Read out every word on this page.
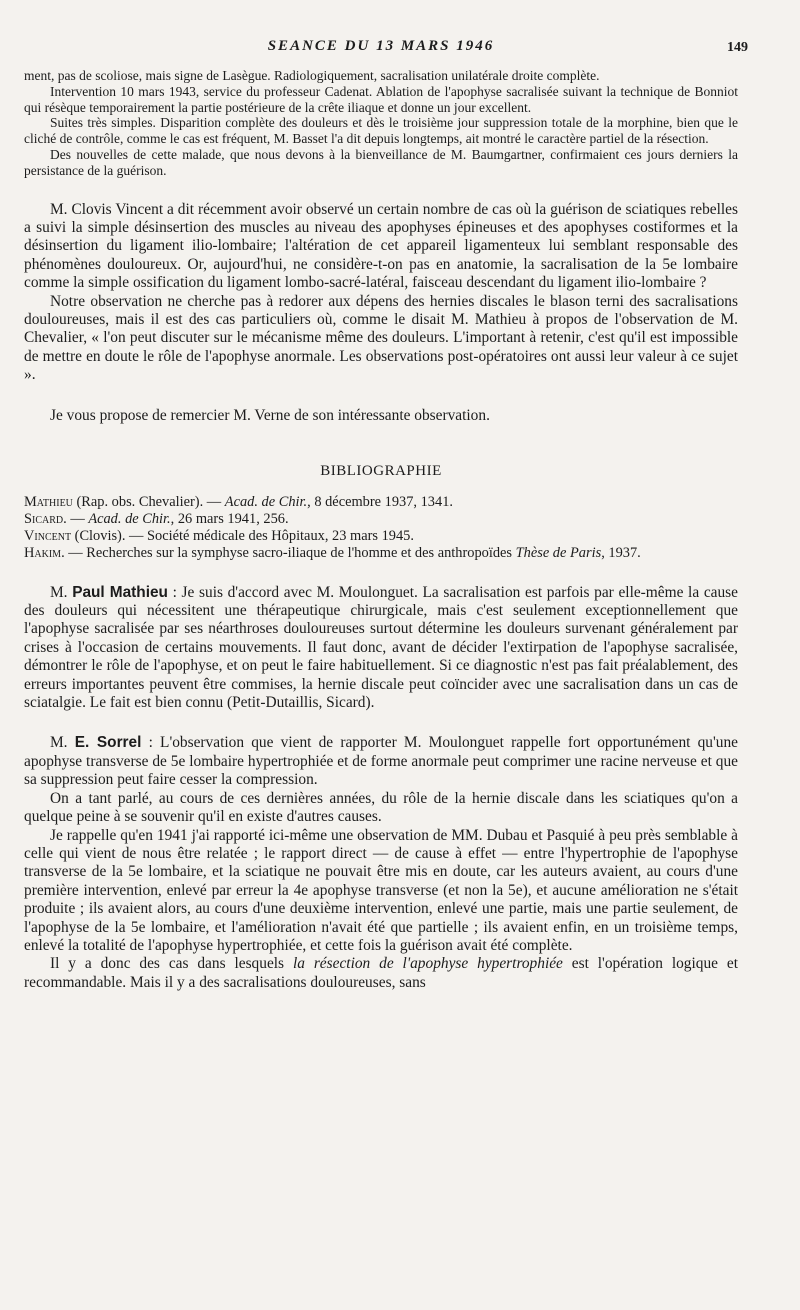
SEANCE DU 13 MARS 1946	149

ment, pas de scoliose, mais signe de Lasègue. Radiologiquement, sacralisation unilatérale droite complète.

Intervention 10 mars 1943, service du professeur Cadenat. Ablation de l'apophyse sacralisée suivant la technique de Bonniot qui résèque temporairement la partie postérieure de la crête iliaque et donne un jour excellent.

Suites très simples. Disparition complète des douleurs et dès le troisième jour suppression totale de la morphine, bien que le cliché de contrôle, comme le cas est fréquent, M. Basset l'a dit depuis longtemps, ait montré le caractère partiel de la résection.

Des nouvelles de cette malade, que nous devons à la bienveillance de M. Baumgartner, confirmaient ces jours derniers la persistance de la guérison.

M. Clovis Vincent a dit récemment avoir observé un certain nombre de cas où la guérison de sciatiques rebelles a suivi la simple désinsertion des muscles au niveau des apophyses épineuses et des apophyses costiformes et la désinsertion du ligament ilio-lombaire; l'altération de cet appareil ligamenteux lui semblant responsable des phénomènes douloureux. Or, aujourd'hui, ne considère-t-on pas en anatomie, la sacralisation de la 5e lombaire comme la simple ossification du ligament lombo-sacré-latéral, faisceau descendant du ligament ilio-lombaire ?

Notre observation ne cherche pas à redorer aux dépens des hernies discales le blason terni des sacralisations douloureuses, mais il est des cas particuliers où, comme le disait M. Mathieu à propos de l'observation de M. Chevalier, « l'on peut discuter sur le mécanisme même des douleurs. L'important à retenir, c'est qu'il est impossible de mettre en doute le rôle de l'apophyse anormale. Les observations post-opératoires ont aussi leur valeur à ce sujet ».

Je vous propose de remercier M. Verne de son intéressante observation.

BIBLIOGRAPHIE

Mathieu (Rap. obs. Chevalier). — Acad. de Chir., 8 décembre 1937, 1341.

Sicard. — Acad. de Chir., 26 mars 1941, 256.

Vincent (Clovis). — Société médicale des Hôpitaux, 23 mars 1945.

Hakim. — Recherches sur la symphyse sacro-iliaque de l'homme et des anthropoïdes Thèse de Paris, 1937.

M. Paul Mathieu : Je suis d'accord avec M. Moulonguet. La sacralisation est parfois par elle-même la cause des douleurs qui nécessitent une thérapeutique chirurgicale, mais c'est seulement exceptionnellement que l'apophyse sacralisée par ses néarthroses douloureuses surtout détermine les douleurs survenant généralement par crises à l'occasion de certains mouvements. Il faut donc, avant de décider l'extirpation de l'apophyse sacralisée, démontrer le rôle de l'apophyse, et on peut le faire habituellement. Si ce diagnostic n'est pas fait préalablement, des erreurs importantes peuvent être commises, la hernie discale peut coïncider avec une sacralisation dans un cas de sciatalgie. Le fait est bien connu (Petit-Dutaillis, Sicard).

M. E. Sorrel : L'observation que vient de rapporter M. Moulonguet rappelle fort opportunément qu'une apophyse transverse de 5e lombaire hypertrophiée et de forme anormale peut comprimer une racine nerveuse et que sa suppression peut faire cesser la compression.

On a tant parlé, au cours de ces dernières années, du rôle de la hernie discale dans les sciatiques qu'on a quelque peine à se souvenir qu'il en existe d'autres causes.

Je rappelle qu'en 1941 j'ai rapporté ici-même une observation de MM. Dubau et Pasquié à peu près semblable à celle qui vient de nous être relatée ; le rapport direct — de cause à effet — entre l'hypertrophie de l'apophyse transverse de la 5e lombaire, et la sciatique ne pouvait être mis en doute, car les auteurs avaient, au cours d'une première intervention, enlevé par erreur la 4e apophyse transverse (et non la 5e), et aucune amélioration ne s'était produite ; ils avaient alors, au cours d'une deuxième intervention, enlevé une partie, mais une partie seulement, de l'apophyse de la 5e lombaire, et l'amélioration n'avait été que partielle ; ils avaient enfin, en un troisième temps, enlevé la totalité de l'apophyse hypertrophiée, et cette fois la guérison avait été complète.

Il y a donc des cas dans lesquels la résection de l'apophyse hypertrophiée est l'opération logique et recommandable. Mais il y a des sacralisations douloureuses, sans
